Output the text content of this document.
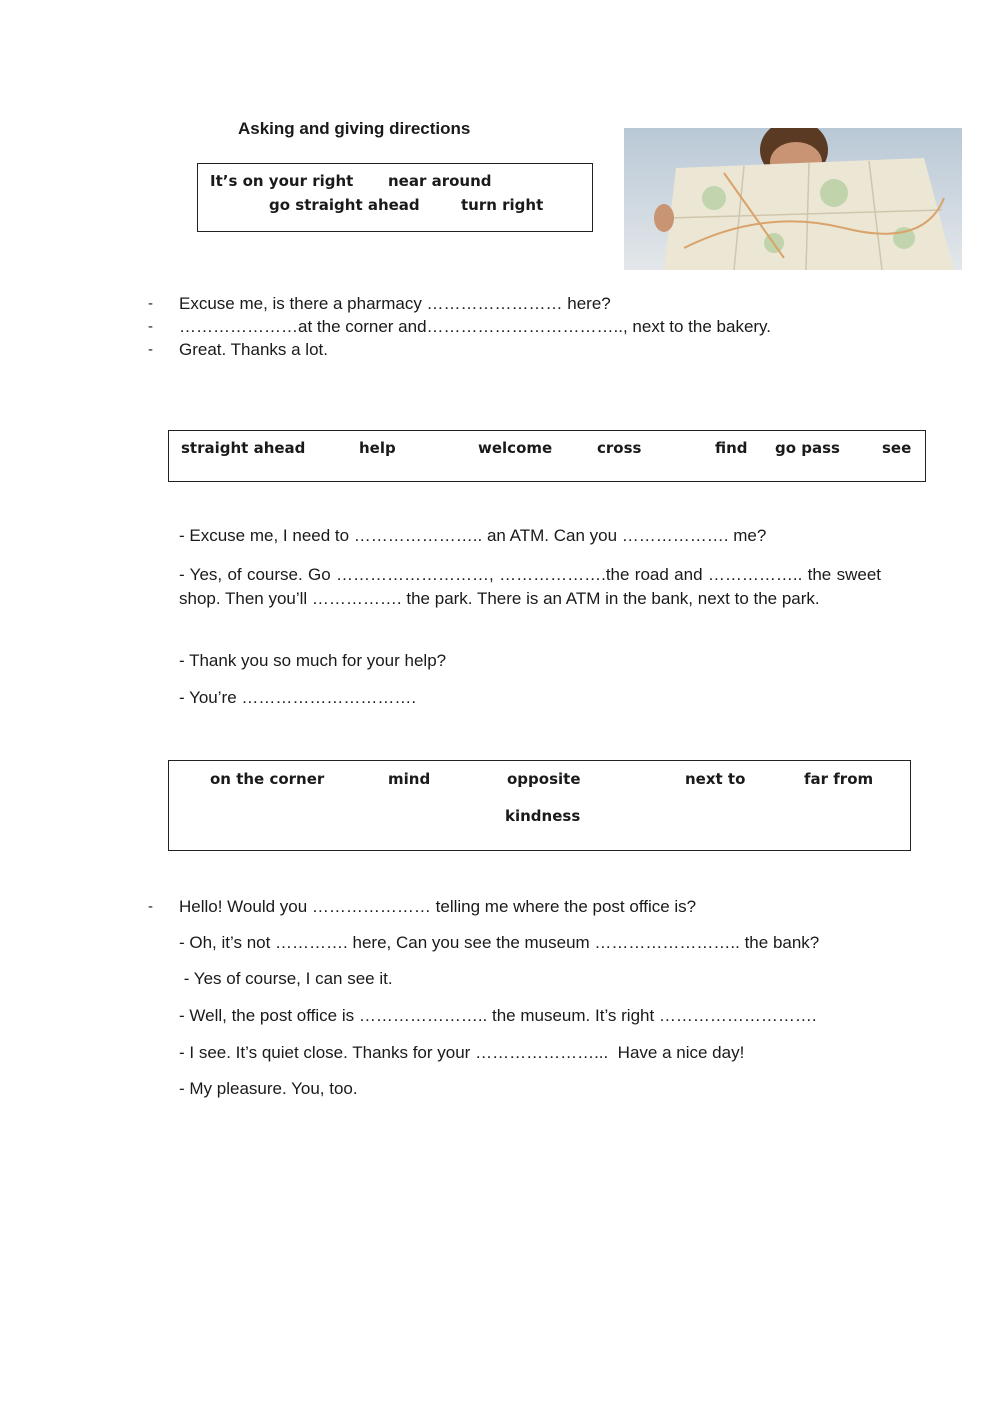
Asking and giving directions
It’s on your right near around
go straight ahead	turn right
- Excuse me, is there a pharmacy …………………… here?
- …………………at the corner and…………………………….., next to the bakery.
- Great. Thanks a lot.
straight ahead	help	welcome	cross	find go pass	see
- Excuse me, I need to ………………….. an ATM. Can you ………………. me?
- Yes, of course. Go ………………………, ……………….the road and …………….. the sweet shop. Then you’ll ……………. the park. There is an ATM in the bank, next to the park.
- Thank you so much for your help?
- You’re ………………………….
on the corner	mind	opposite	next to	far from
kindness
- Hello! Would you ………………… telling me where the post office is?
- Oh, it’s not …………. here, Can you see the museum …………………….. the bank?
- Yes of course, I can see it.
- Well, the post office is ………………….. the museum. It’s right ……………………….
- I see. It’s quiet close. Thanks for your …………………...  Have a nice day!
- My pleasure. You, too.
